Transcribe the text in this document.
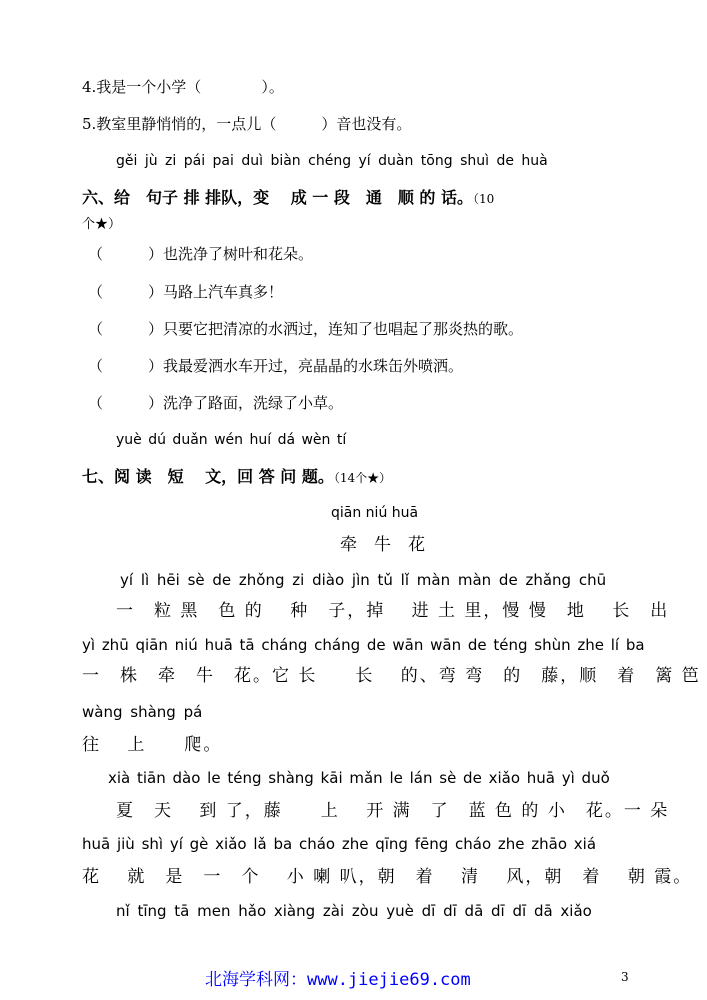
4.我是一个小学（　　　　）。
5.教室里静悄悄的，一点儿（　　　）音也没有。
gěi jù zi pái pai duì biàn chéng yí duàn tōng shuì de huà
六、给　句子 排 排队，变　 成 一 段　通　顺 的 话。（10
个★）
（　　　）也洗净了树叶和花朵。
（　　　）马路上汽车真多！
（　　　）只要它把清凉的水洒过，连知了也唱起了那炎热的歌。
（　　　）我最爱洒水车开过，亮晶晶的水珠缶外喷洒。
（　　　）洗净了路面，洗绿了小草。
yuè dú duǎn wén huí dá wèn tí
七、阅 读　短　 文，回 答 问 题。（14个★）
qiān niú huā
牵　牛　花
yí lì hēi sè de zhǒng zi diào jìn tǔ lǐ màn màn de zhǎng chū
一　粒 黑　色 的　 种　子，掉　 进 土 里，慢 慢　地　 长　出
yì zhū qiān niú huā tā cháng cháng de wān wān de téng shùn zhe lí ba
一　株　牵　牛　花。它 长　　长　 的、弯 弯　的　藤，顺　着　篱 笆
wàng shàng pá
往　 上　　爬。
xià tiān dào le téng shàng kāi mǎn le lán sè de xiǎo huā yì duǒ
夏　天　 到 了，藤　　上　 开 满　了　蓝 色 的 小　花。一 朵
huā jiù shì yí gè xiǎo lǎ ba cháo zhe qīng fēng cháo zhe zhāo xiá
花　 就　是　一　个　 小 喇 叭，朝　着　 清　 风，朝　着　 朝 霞。
nǐ tīng tā men hǎo xiàng zài zòu yuè dī dī dā dī dī dā xiǎo
北海学科网：www.jiejie69.com	3
